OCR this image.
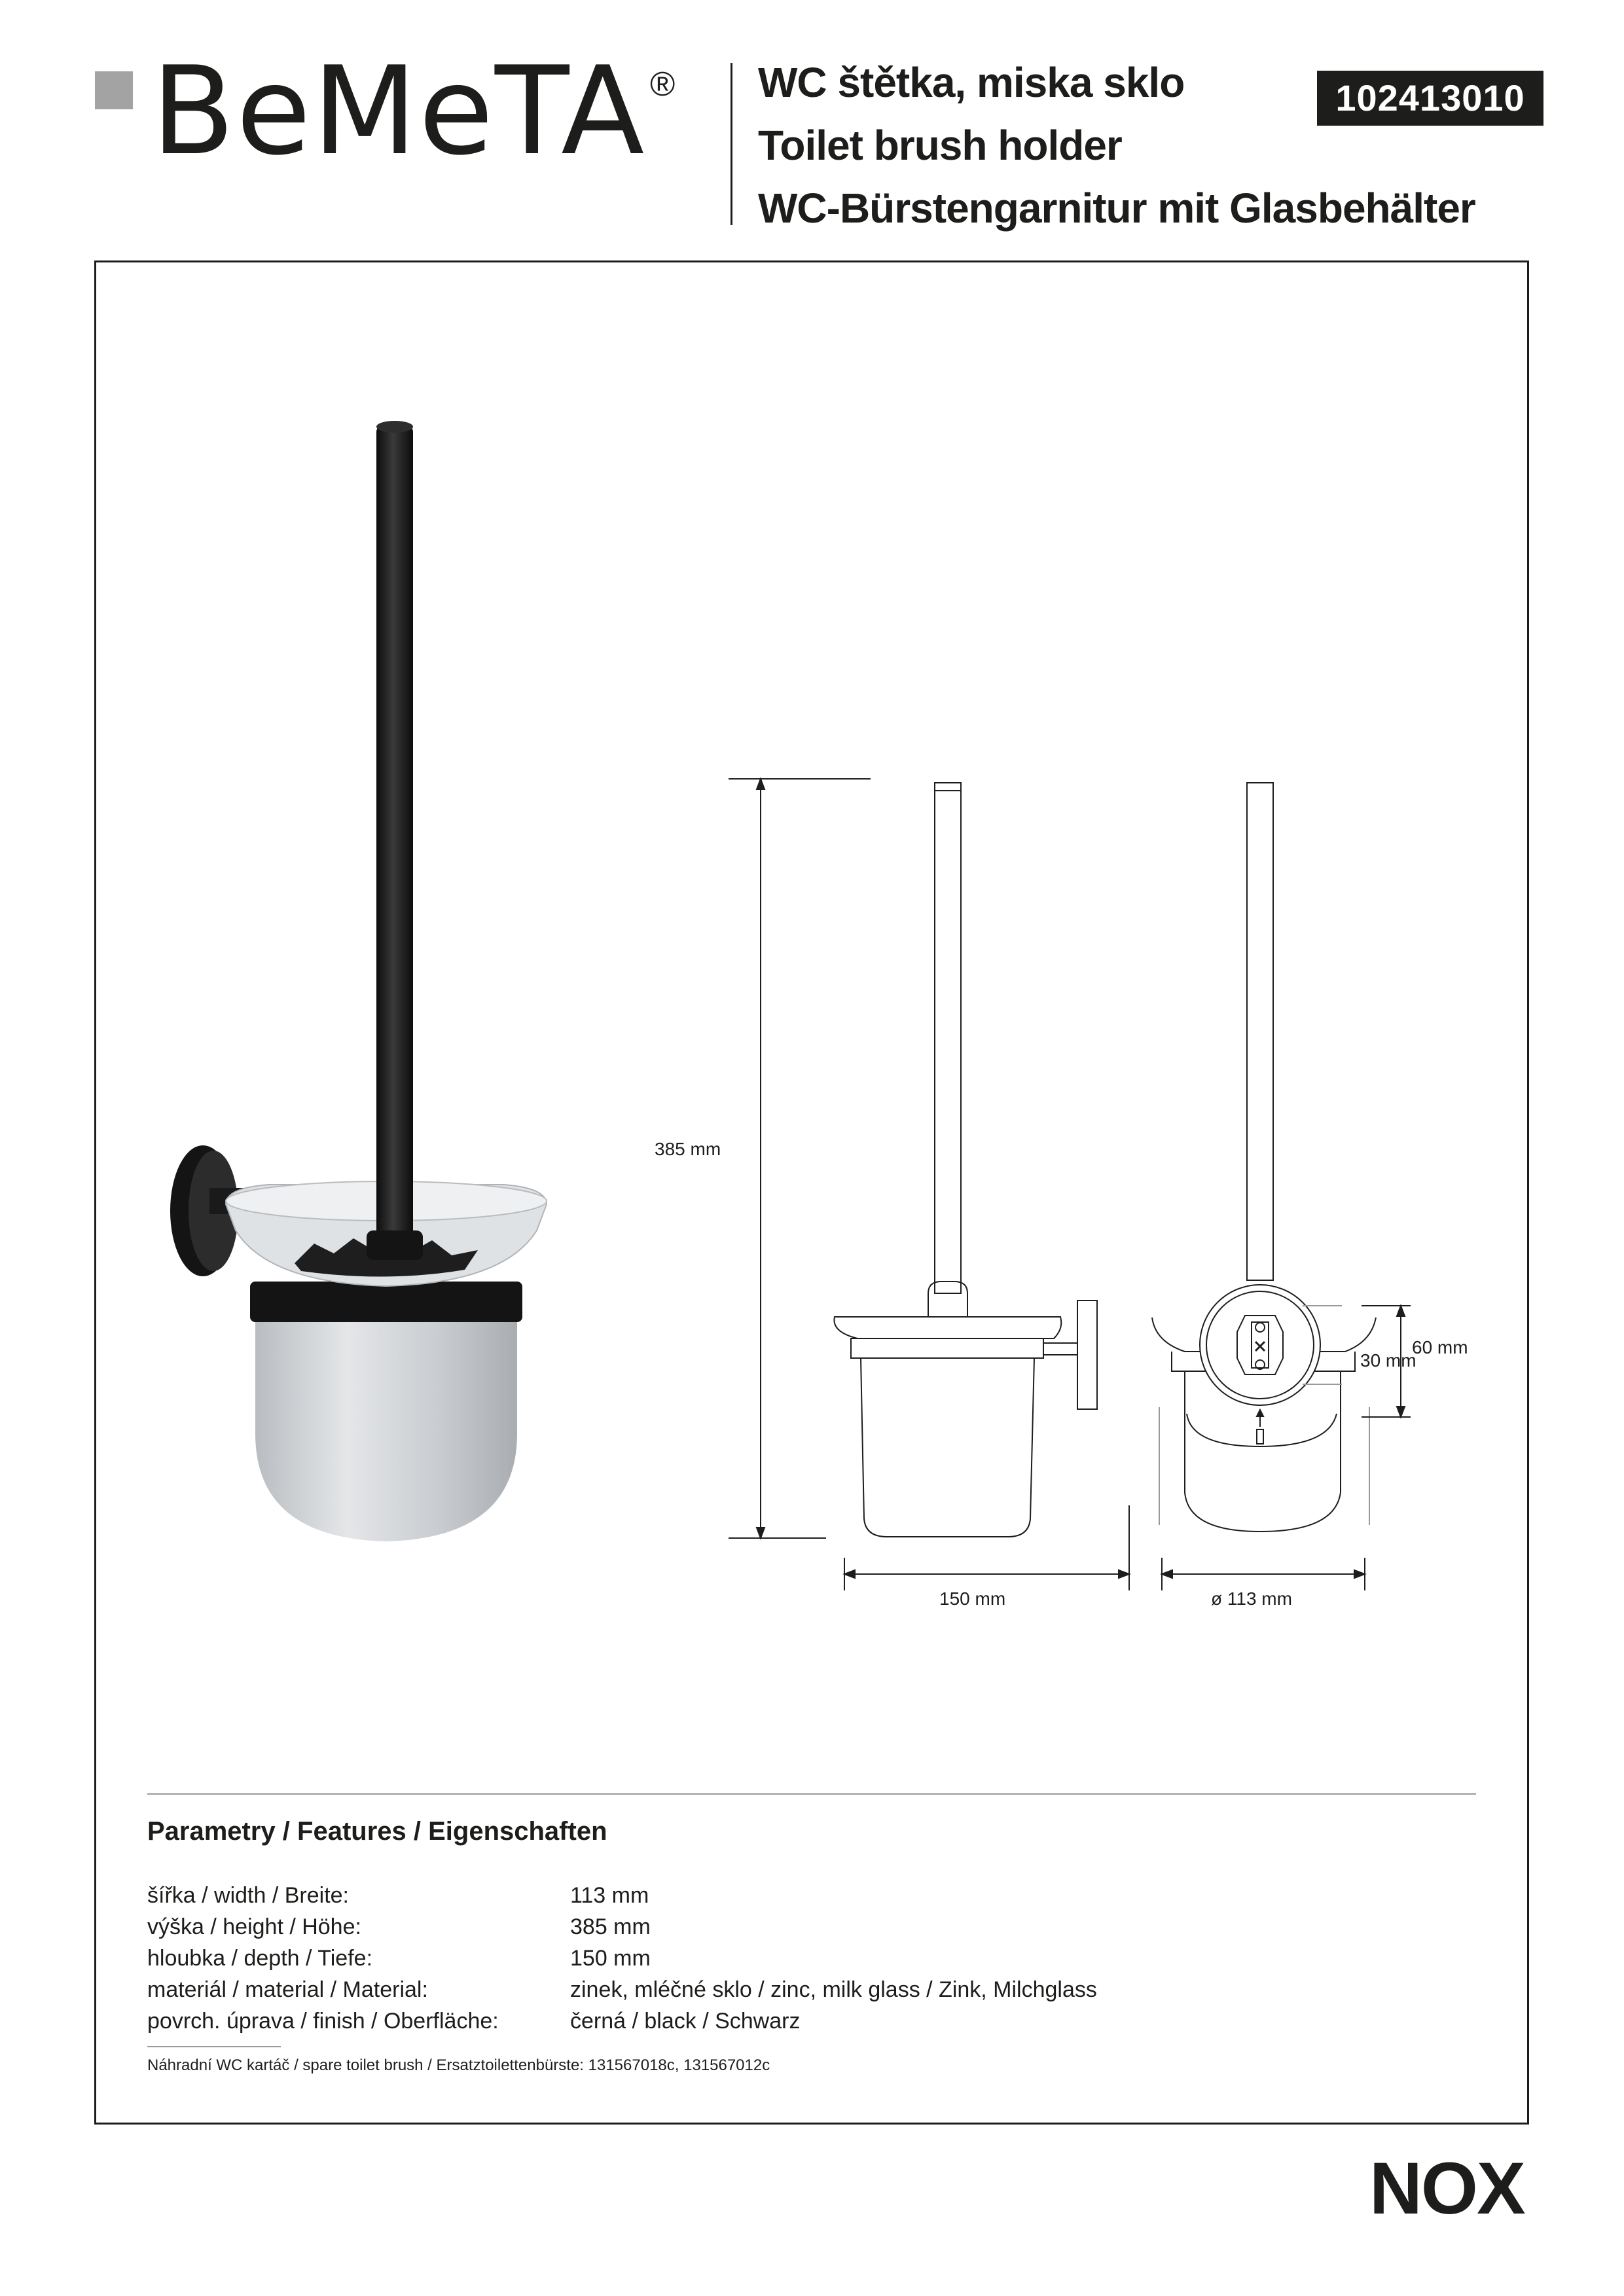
BeMeTA ® WC štětka, miska sklo
Toilet brush holder
WC-Bürstengarnitur mit Glasbehälter
102413010
385 mm
150 mm	ø 113 mm
60 mm
30 mm
Parametry / Features / Eigenschaften
šířka / width / Breite:	113 mm
výška / height / Höhe:	385 mm
hloubka / depth / Tiefe:	150 mm
materiál / material / Material:	zinek, mléčné sklo / zinc, milk glass / Zink, Milchglass
povrch. úprava / finish / Oberfläche:	černá / black / Schwarz
Náhradní WC kartáč / spare toilet brush / Ersatztoilettenbürste: 131567018c, 131567012c
NOX
